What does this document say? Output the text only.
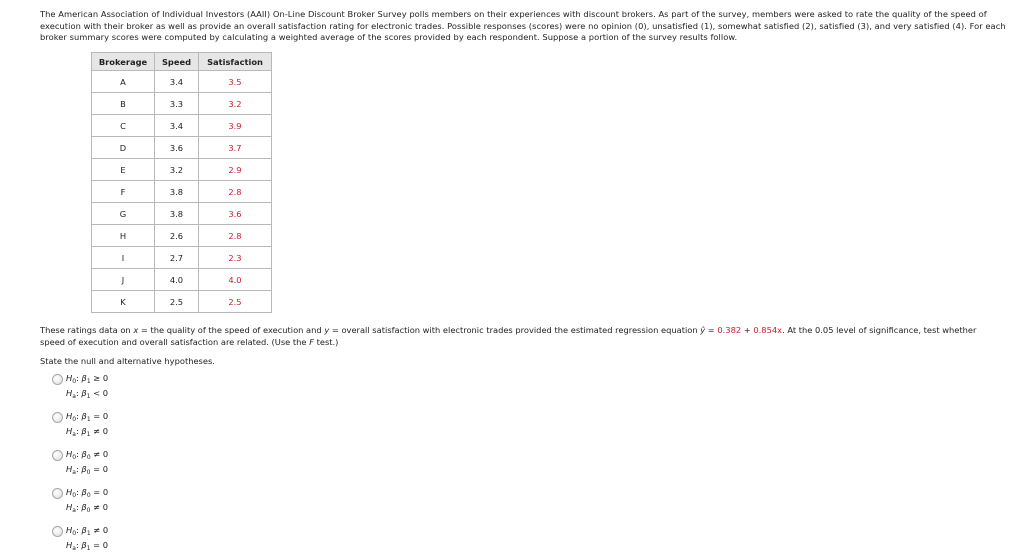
The American Association of Individual Investors (AAII) On-Line Discount Broker Survey polls members on their experiences with discount brokers. As part of the survey, members were asked to rate the quality of the speed of execution with their broker as well as provide an overall satisfaction rating for electronic trades. Possible responses (scores) were no opinion (0), unsatisfied (1), somewhat satisfied (2), satisfied (3), and very satisfied (4). For each broker summary scores were computed by calculating a weighted average of the scores provided by each respondent. Suppose a portion of the survey results follow.
Brokerage	Speed	Satisfaction
A	3.4	3.5
B	3.3	3.2
C	3.4	3.9
D	3.6	3.7
E	3.2	2.9
F	3.8	2.8
G	3.8	3.6
H	2.6	2.8
I	2.7	2.3
J	4.0	4.0
K	2.5	2.5
These ratings data on x = the quality of the speed of execution and y = overall satisfaction with electronic trades provided the estimated regression equation ŷ = 0.382 + 0.854x. At the 0.05 level of significance, test whether speed of execution and overall satisfaction are related. (Use the F test.)
State the null and alternative hypotheses.
$H_0$: $\beta_1 \ge 0$
$H_a$: $\beta_1 < 0$
$H_0$: $\beta_1 = 0$
$H_a$: $\beta_1 \ne 0$
$H_0$: $\beta_0 \ne 0$
$H_a$: $\beta_0 = 0$
$H_0$: $\beta_0 = 0$
$H_a$: $\beta_0 \ne 0$
$H_0$: $\beta_1 \ne 0$
$H_a$: $\beta_1 = 0$
